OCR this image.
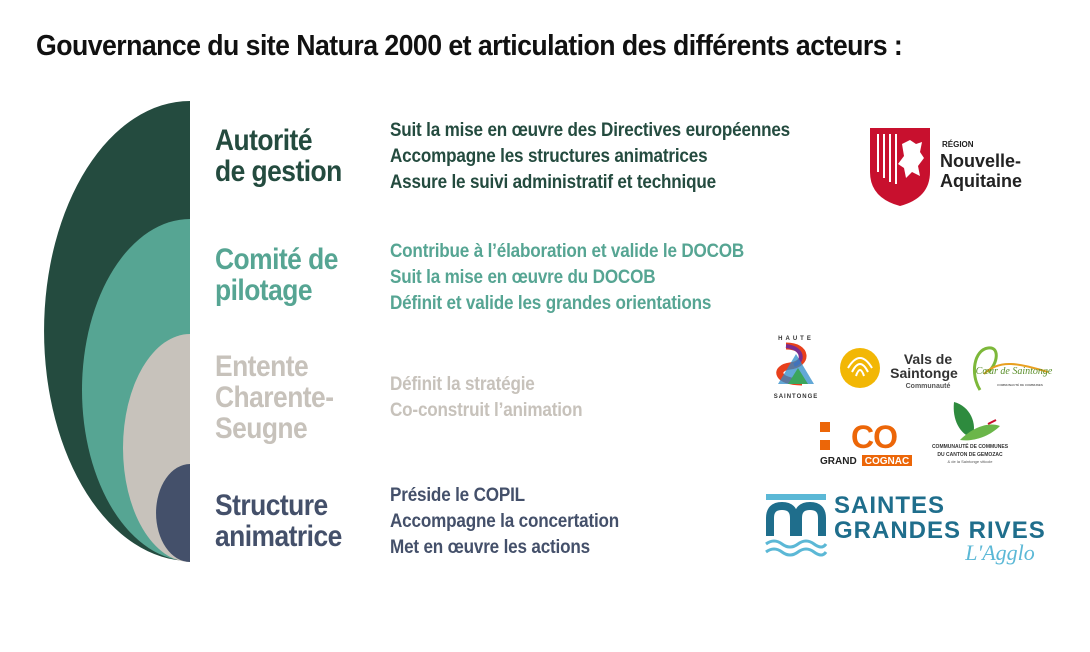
Gouvernance du site Natura 2000 et articulation des différents acteurs :
Autorité
de gestion
Suit la mise en œuvre des Directives européennes
Accompagne les structures animatrices
Assure le suivi administratif et technique
Comité de
pilotage
Contribue à l’élaboration et valide le DOCOB
Suit la mise en œuvre du DOCOB
Définit et valide les grandes orientations
Entente
Charente-
Seugne
Définit la stratégie
Co-construit l’animation
Structure
animatrice
Préside le COPIL
Accompagne la concertation
Met en œuvre les actions
RÉGION
Nouvelle-
Aquitaine
HAUTE
SAINTONGE
Vals de
Saintonge
Communauté
Cœur de Saintonge
COMMUNAUTÉ DE COMMUNES
CO
GRAND COGNAC
COMMUNAUTÉ DE COMMUNES
DU CANTON DE GEMOZAC
& de la Saintonge viticole
SAINTES
GRANDES RIVES
L'Agglo
